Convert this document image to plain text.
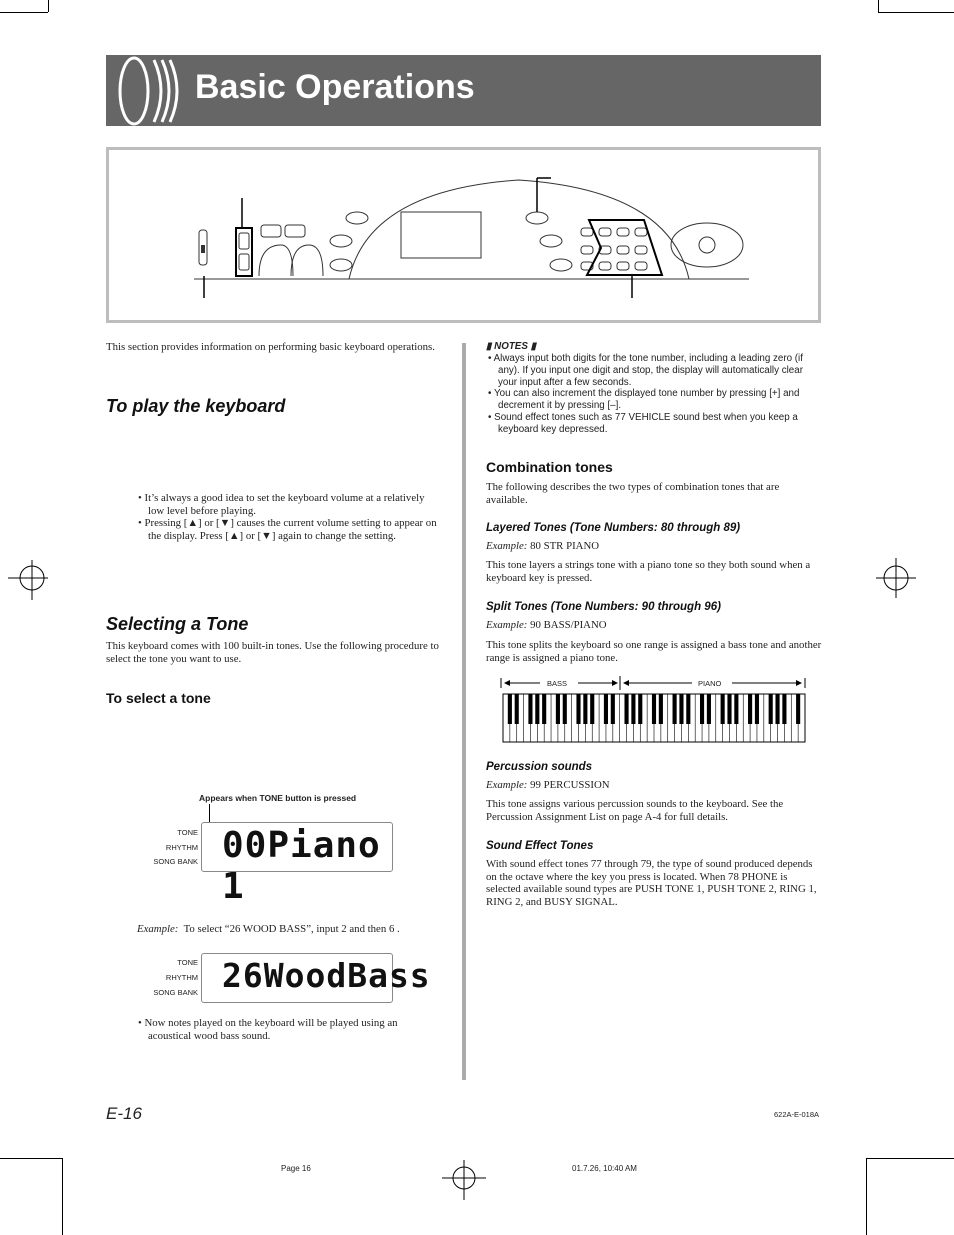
Basic Operations
This section provides information on performing basic keyboard operations.
To play the keyboard
• It’s always a good idea to set the keyboard volume at a relatively low level before playing.
• Pressing [▲] or [▼] causes the current volume setting to appear on the display. Press [▲] or [▼] again to change the setting.
Selecting a Tone
This keyboard comes with 100 built-in tones. Use the following procedure to select the tone you want to use.
To select a tone
Appears when TONE button is pressed
TONE
RHYTHM
SONG BANK 00Piano 1
Example: To select “26 WOOD BASS”, input 2 and then 6 .
TONE
RHYTHM
SONG BANK 26WoodBass
• Now notes played on the keyboard will be played using an acoustical wood bass sound.
▮ NOTES ▮
• Always input both digits for the tone number, including a leading zero (if any). If you input one digit and stop, the display will automatically clear your input after a few seconds.
• You can also increment the displayed tone number by pressing [+] and decrement it by pressing [–].
• Sound effect tones such as 77 VEHICLE sound best when you keep a keyboard key depressed.
Combination tones
The following describes the two types of combination tones that are available.
Layered Tones (Tone Numbers: 80 through 89)
Example: 80 STR PIANO
This tone layers a strings tone with a piano tone so they both sound when a keyboard key is pressed.
Split Tones (Tone Numbers: 90 through 96)
Example: 90 BASS/PIANO
This tone splits the keyboard so one range is assigned a bass tone and another range is assigned a piano tone.
BASS	PIANO
Percussion sounds
Example: 99 PERCUSSION
This tone assigns various percussion sounds to the keyboard. See the Percussion Assignment List on page A-4 for full details.
Sound Effect Tones
With sound effect tones 77 through 79, the type of sound produced depends on the octave where the key you press is located. When 78 PHONE is selected available sound types are PUSH TONE 1, PUSH TONE 2, RING 1, RING 2, and BUSY SIGNAL.
E-16	622A-E-018A
Page 16	01.7.26, 10:40 AM
